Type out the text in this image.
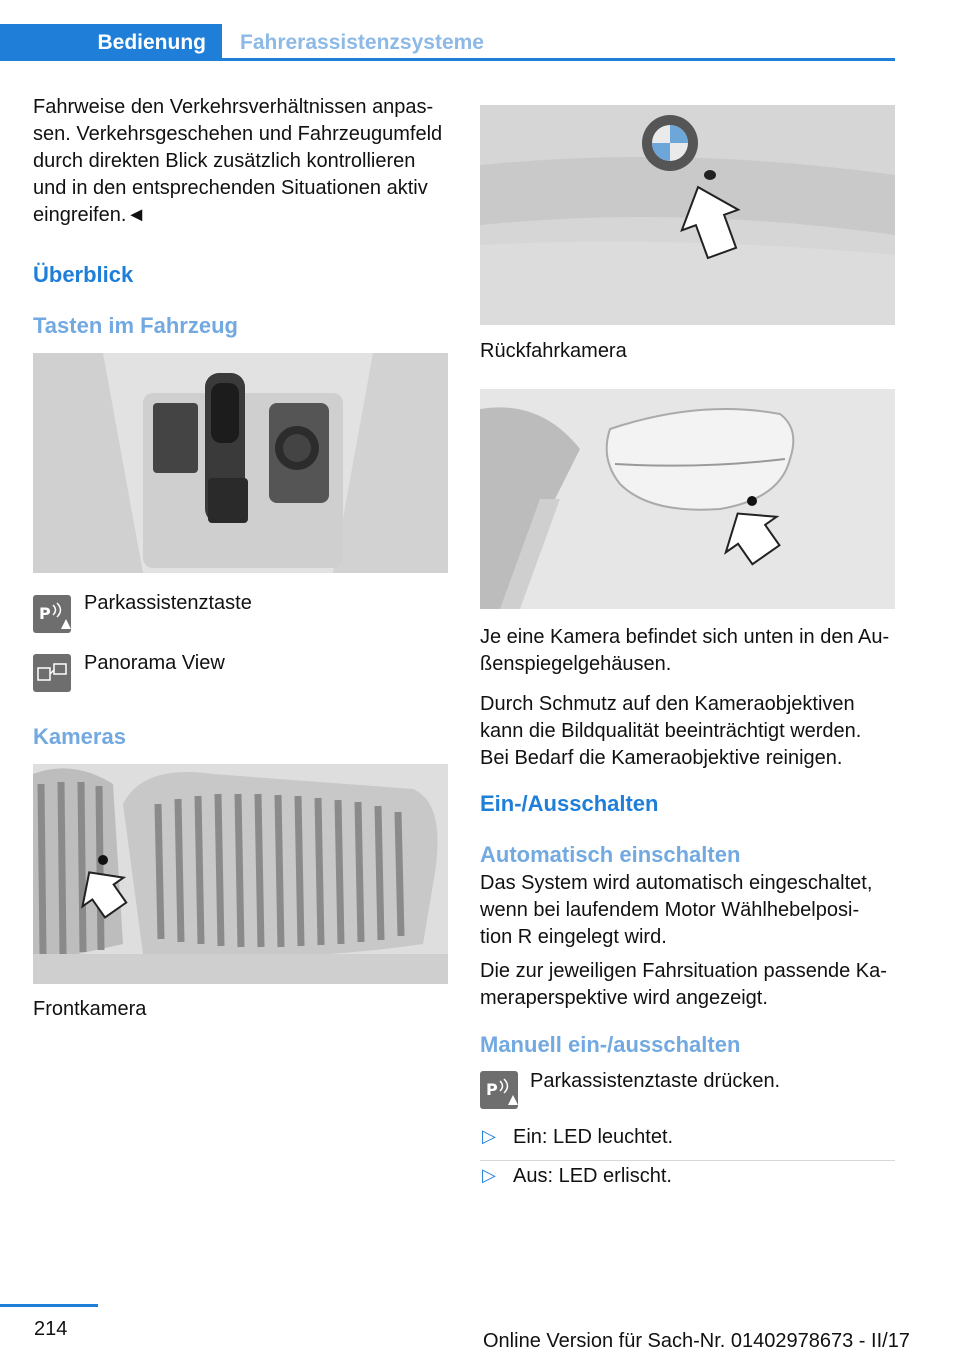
Bedienung	Fahrerassistenzsysteme
Fahrweise den Verkehrsverhältnissen anpas-
sen. Verkehrsgeschehen und Fahrzeugumfeld
durch direkten Blick zusätzlich kontrollieren
und in den entsprechenden Situationen aktiv
eingreifen.◄
Überblick
Tasten im Fahrzeug
P Parkassistenztaste
Panorama View
Kameras
Frontkamera
Rückfahrkamera
Je eine Kamera befindet sich unten in den Au-
ßenspiegelgehäusen.
Durch Schmutz auf den Kameraobjektiven
kann die Bildqualität beeinträchtigt werden.
Bei Bedarf die Kameraobjektive reinigen.
Ein-/Ausschalten
Automatisch einschalten
Das System wird automatisch eingeschaltet,
wenn bei laufendem Motor Wählhebelposi-
tion R eingelegt wird.
Die zur jeweiligen Fahrsituation passende Ka-
meraperspektive wird angezeigt.
Manuell ein-/ausschalten
P Parkassistenztaste drücken.
▷ Ein: LED leuchtet.
▷ Aus: LED erlischt.
214
Online Version für Sach-Nr. 01402978673 - II/17
